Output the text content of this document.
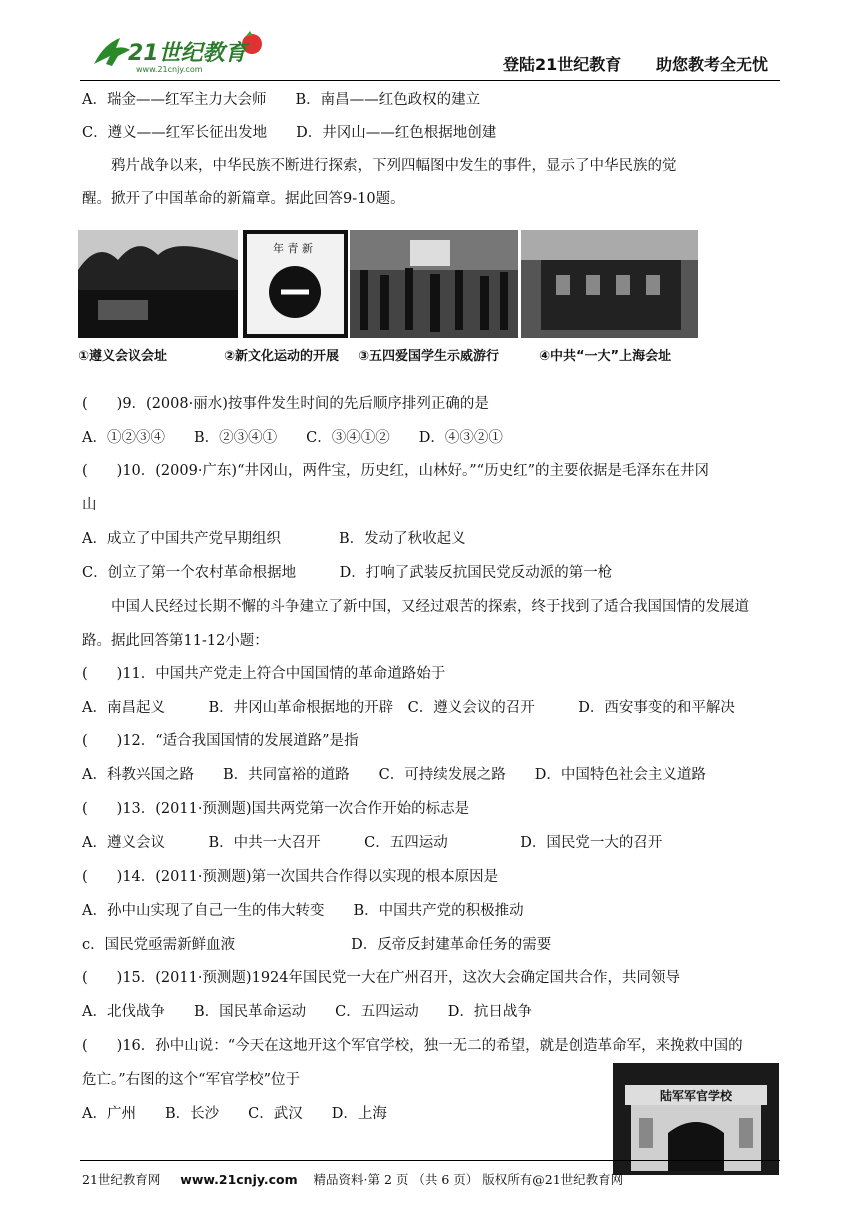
21世纪教育
www.21cnjy.com	登陆21世纪教育 助您教考全无忧
A．瑞金——红军主力大会师　　B．南昌——红色政权的建立
C．遵义——红军长征出发地　　D．井冈山——红色根据地创建
　　鸦片战争以来，中华民族不断进行探索，下列四幅图中发生的事件，显示了中华民族的觉
醒。掀开了中国革命的新篇章。据此回答9-10题。
年 青 新
①遵义会议会址	②新文化运动的开展 ③五四爱国学生示威游行	④中共“一大”上海会址
(　　)9．(2008·丽水)按事件发生时间的先后顺序排列正确的是
A．①②③④　　B．②③④①　　C．③④①②　　D．④③②①
(　　)10．(2009·广东)“井冈山，两件宝，历史红，山林好。”“历史红”的主要依据是毛泽东在井冈
山
A．成立了中国共产党早期组织　　　　B．发动了秋收起义
C．创立了第一个农村革命根据地　　　D．打响了武装反抗国民党反动派的第一枪
　　中国人民经过长期不懈的斗争建立了新中国，又经过艰苦的探索，终于找到了适合我国国情的发展道
路。据此回答第11-12小题：
(　　)11．中国共产党走上符合中国国情的革命道路始于
A．南昌起义　　　B．井冈山革命根据地的开辟　C．遵义会议的召开　　　D．西安事变的和平解决
(　　)12．“适合我国国情的发展道路”是指
A．科教兴国之路　　B．共同富裕的道路　　C．可持续发展之路　　D．中国特色社会主义道路
(　　)13．(2011·预测题)国共两党第一次合作开始的标志是
A．遵义会议　　　B．中共一大召开　　　C．五四运动　　　　　D．国民党一大的召开
(　　)14．(2011·预测题)第一次国共合作得以实现的根本原因是
A．孙中山实现了自己一生的伟大转变　　B．中国共产党的积极推动
c．国民党亟需新鲜血液　　　　　　　　D．反帝反封建革命任务的需要
(　　)15．(2011·预测题)1924年国民党一大在广州召开，这次大会确定国共合作，共同领导
A．北伐战争　　B．国民革命运动　　C．五四运动　　D．抗日战争
(　　)16．孙中山说：“今天在这地开这个军官学校，独一无二的希望，就是创造革命军，来挽救中国的
危亡。”右图的这个“军官学校”位于
A．广州　　B．长沙　　C．武汉　　D．上海
陆军军官学校
21世纪教育网 www.21cnjy.com 精品资料·第 2 页 （共 6 页） 版权所有@21世纪教育网
